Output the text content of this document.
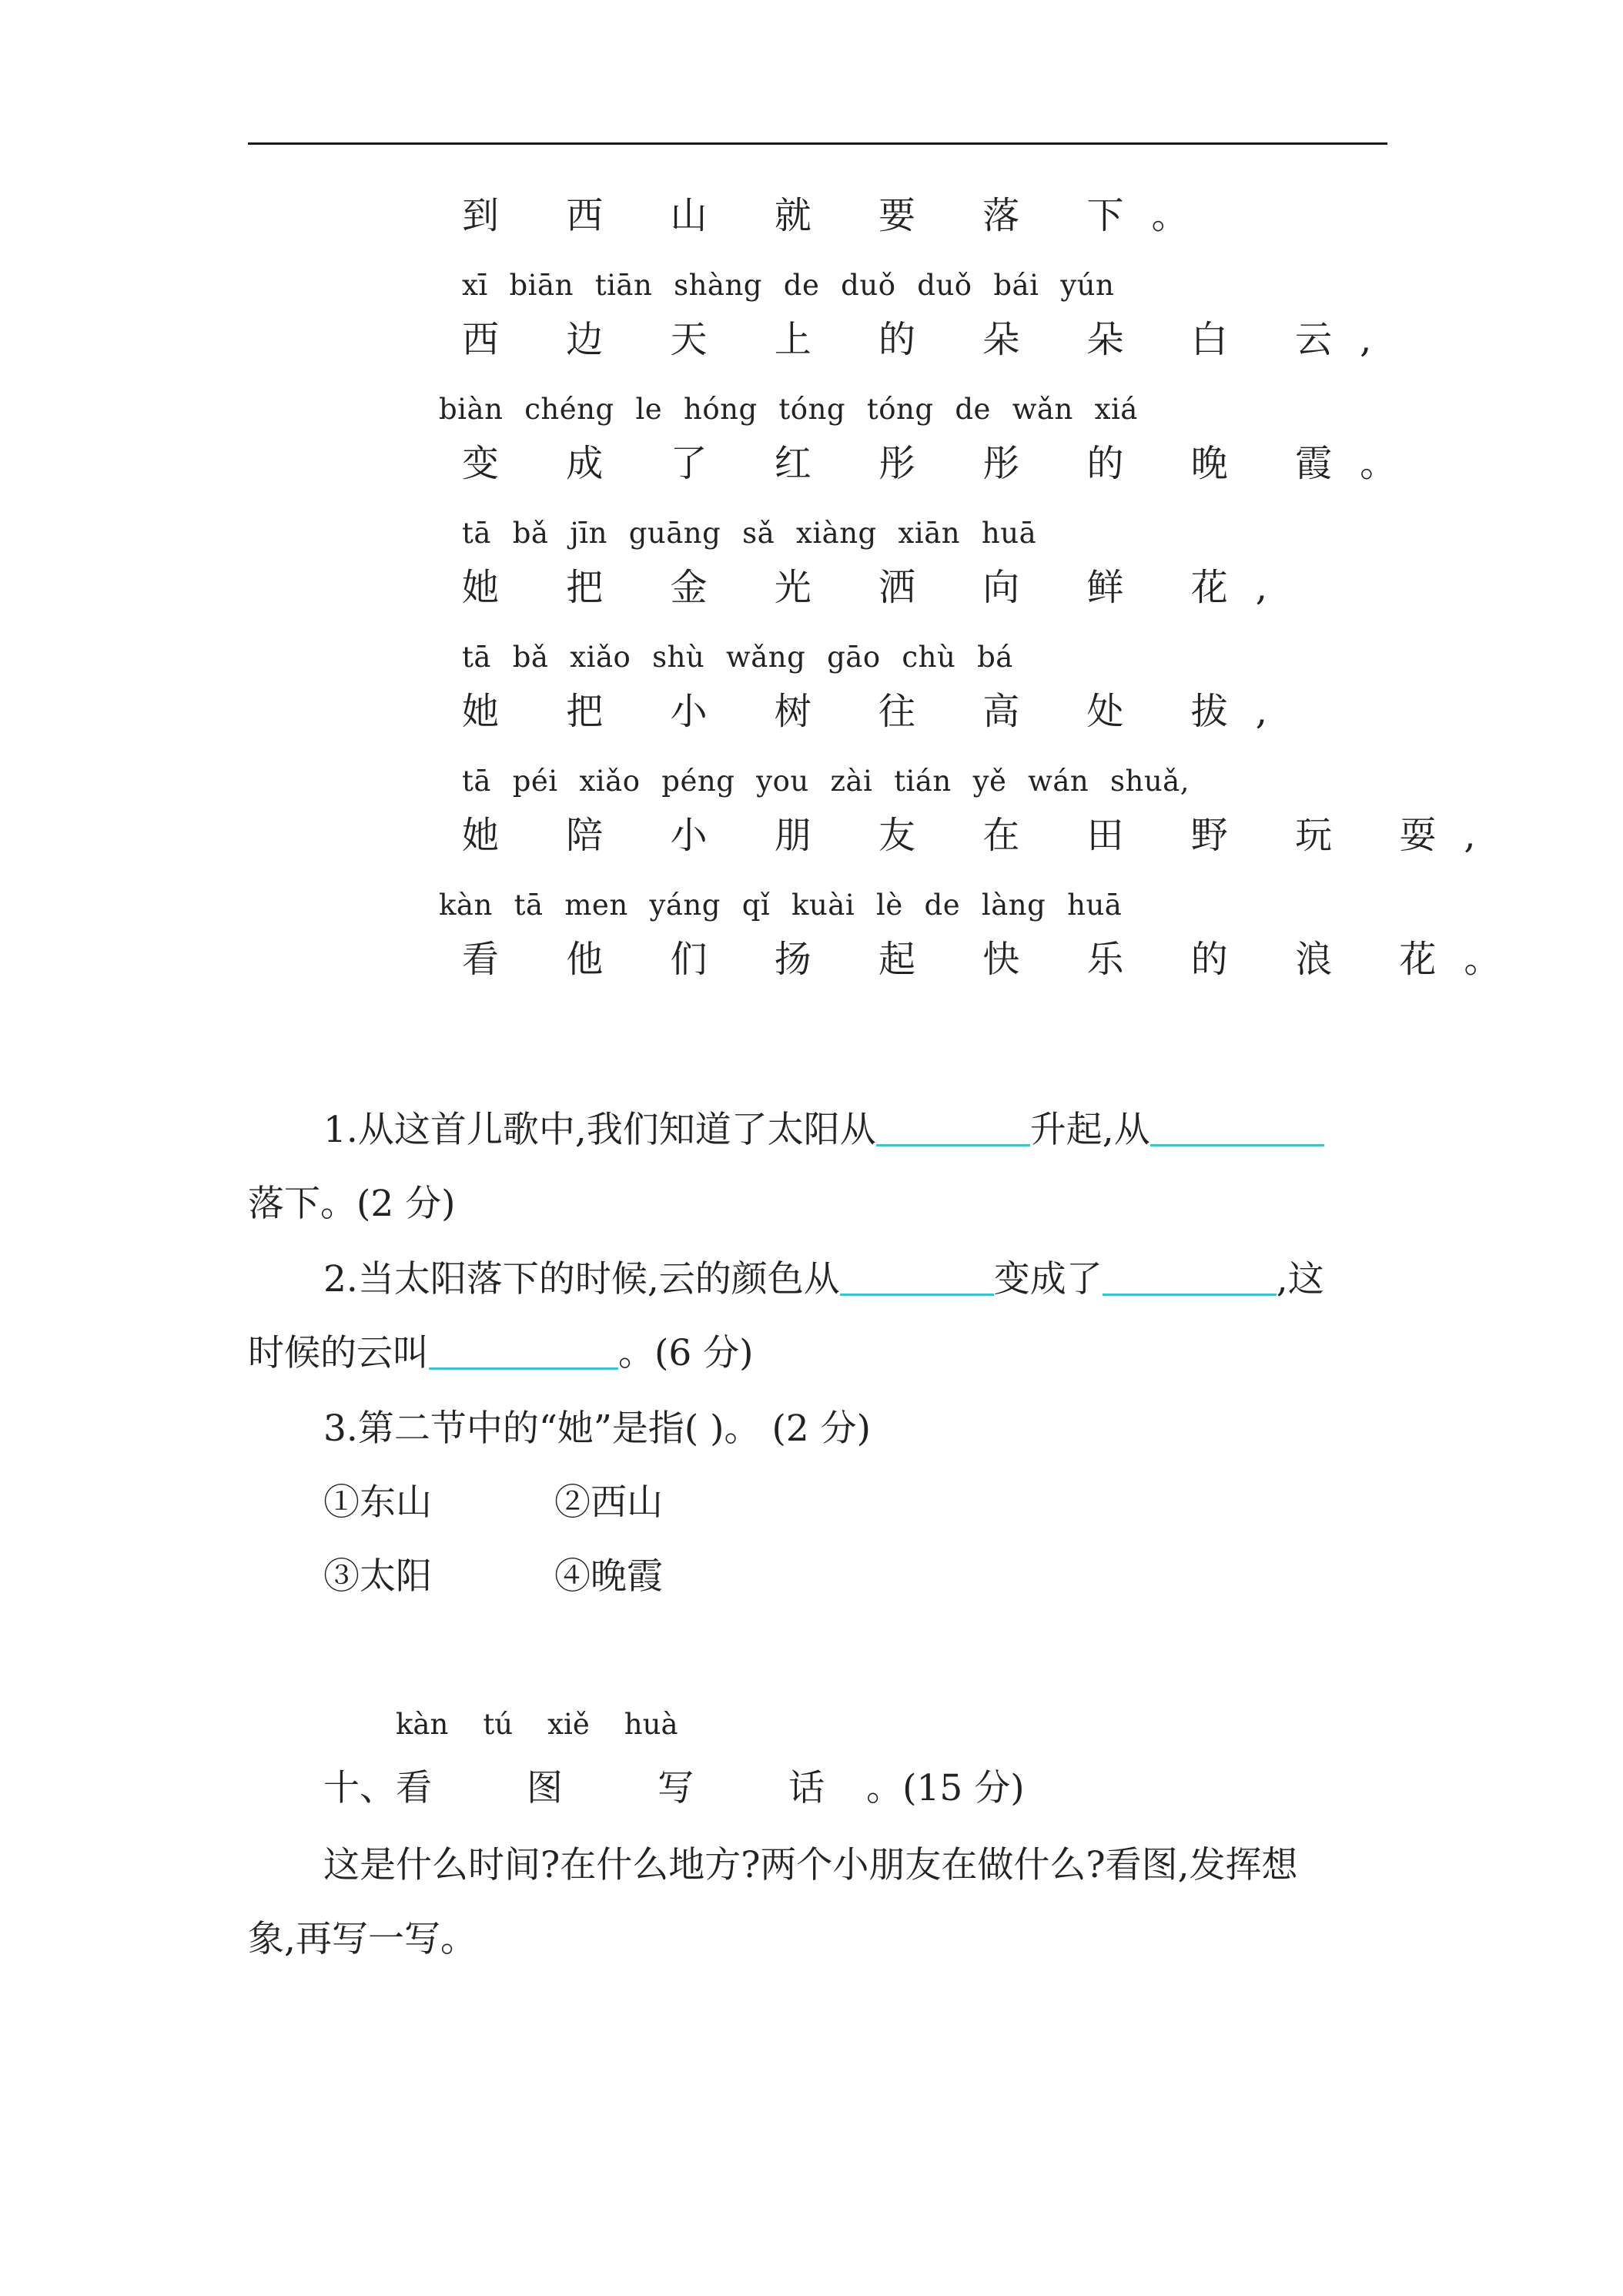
到 西 山 就 要 落 下。
xī biān tiān shàng de duǒ duǒ bái yún
西 边 天 上 的 朵 朵 白 云,
biàn chéng le hóng tóng tóng de wǎn xiá
变 成 了 红 彤 彤 的 晚 霞。
tā bǎ jīn guāng sǎ xiàng xiān huā
她 把 金 光 洒 向 鲜 花,
tā bǎ xiǎo shù wǎng gāo chù bá
她 把 小 树 往 高 处 拔,
tā péi xiǎo péng you zài tián yě wán shuǎ,
她 陪 小 朋 友 在 田 野 玩 耍,
kàn tā men yáng qǐ kuài lè de làng huā
看 他 们 扬 起 快 乐 的 浪 花。
1.从这首儿歌中,我们知道了太阳从	升起,从
落下。(2 分)
2.当太阳落下的时候,云的颜色从	变成了	,这
时候的云叫	。(6 分)
3.第二节中的“她”是指( )。 (2 分)
①东山	②西山
③太阳	④晚霞
kàn tú xiě huà
十、看 图 写 话。(15 分)
这是什么时间?在什么地方?两个小朋友在做什么?看图,发挥想
象,再写一写。
